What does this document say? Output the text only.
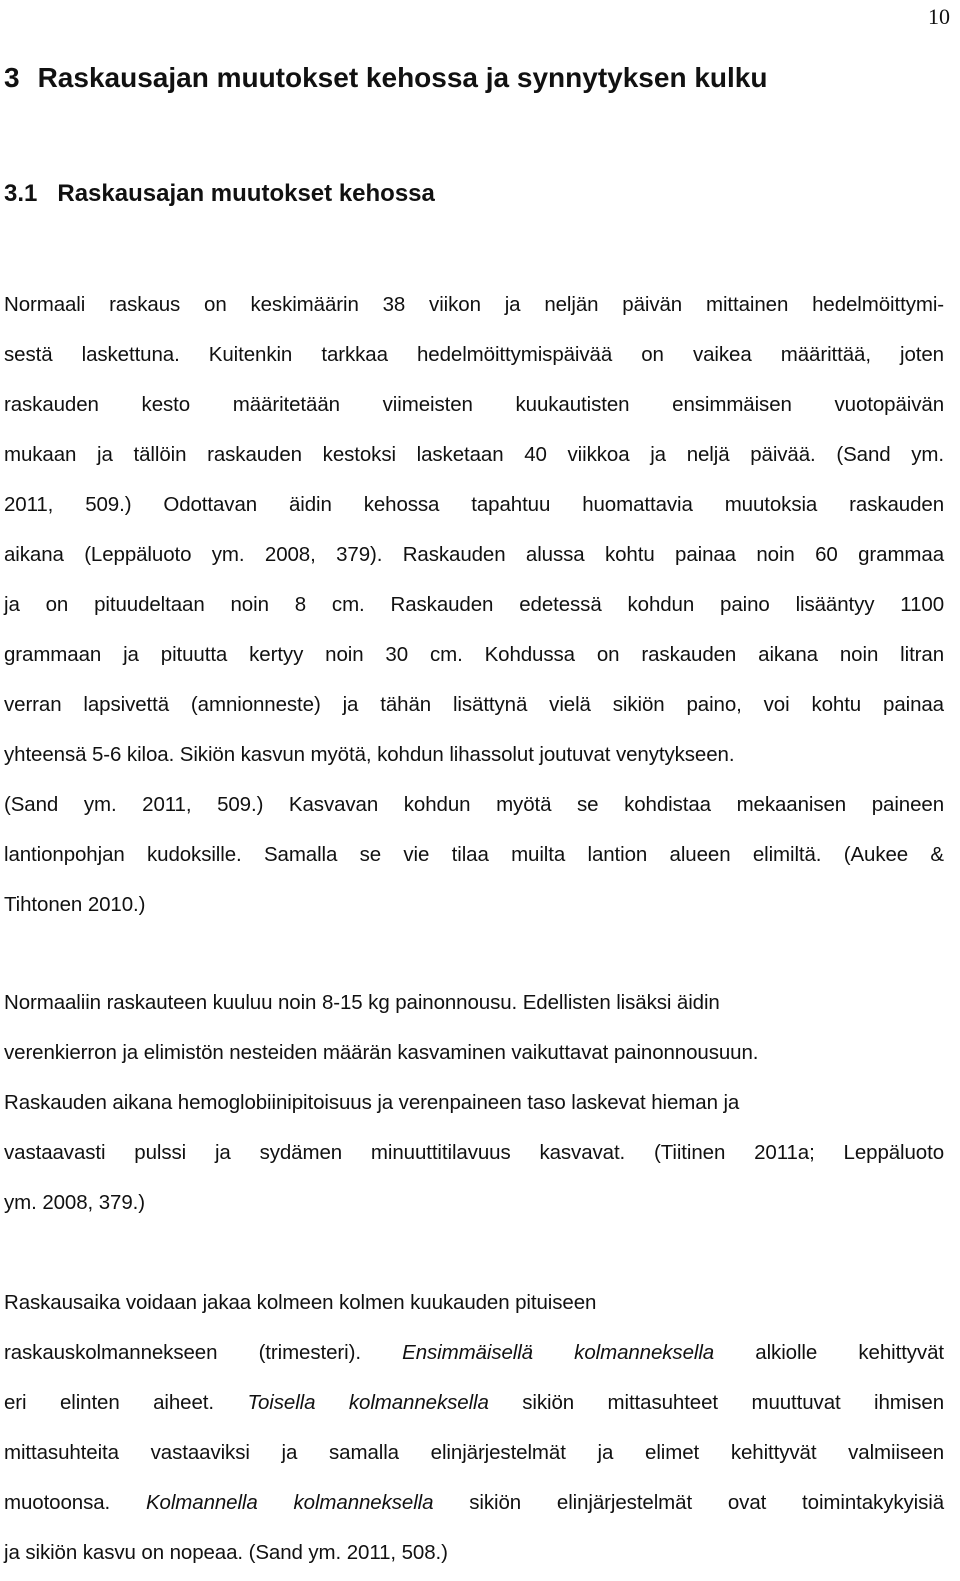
10
3 Raskausajan muutokset kehossa ja synnytyksen kulku
3.1 Raskausajan muutokset kehossa

Normaali raskaus on keskimäärin 38 viikon ja neljän päivän mittainen hedelmöittymi-
sestä laskettuna. Kuitenkin tarkkaa hedelmöittymispäivää on vaikea määrittää, joten
raskauden kesto määritetään viimeisten kuukautisten ensimmäisen vuotopäivän
mukaan ja tällöin raskauden kestoksi lasketaan 40 viikkoa ja neljä päivää. (Sand ym.
2011, 509.) Odottavan äidin kehossa tapahtuu huomattavia muutoksia raskauden
aikana (Leppäluoto ym. 2008, 379). Raskauden alussa kohtu painaa noin 60 grammaa
ja on pituudeltaan noin 8 cm. Raskauden edetessä kohdun paino lisääntyy 1100
grammaan ja pituutta kertyy noin 30 cm. Kohdussa on raskauden aikana noin litran
verran lapsivettä (amnionneste) ja tähän lisättynä vielä sikiön paino, voi kohtu painaa
yhteensä 5-6 kiloa. Sikiön kasvun myötä, kohdun lihassolut joutuvat venytykseen.
(Sand ym. 2011, 509.) Kasvavan kohdun myötä se kohdistaa mekaanisen paineen
lantionpohjan kudoksille. Samalla se vie tilaa muilta lantion alueen elimiltä. (Aukee &
Tihtonen 2010.)

Normaaliin raskauteen kuuluu noin 8-15 kg painonnousu. Edellisten lisäksi äidin
verenkierron ja elimistön nesteiden määrän kasvaminen vaikuttavat painonnousuun.
Raskauden aikana hemoglobiinipitoisuus ja verenpaineen taso laskevat hieman ja
vastaavasti pulssi ja sydämen minuuttitilavuus kasvavat. (Tiitinen 2011a; Leppäluoto
ym. 2008, 379.)

Raskausaika voidaan jakaa kolmeen kolmen kuukauden pituiseen
raskauskolmannekseen (trimesteri). Ensimmäisellä kolmanneksella alkiolle kehittyvät
eri elinten aiheet. Toisella kolmanneksella sikiön mittasuhteet muuttuvat ihmisen
mittasuhteita vastaaviksi ja samalla elinjärjestelmät ja elimet kehittyvät valmiiseen
muotoonsa. Kolmannella kolmanneksella sikiön elinjärjestelmät ovat toimintakykyisiä
ja sikiön kasvu on nopeaa. (Sand ym. 2011, 508.)
